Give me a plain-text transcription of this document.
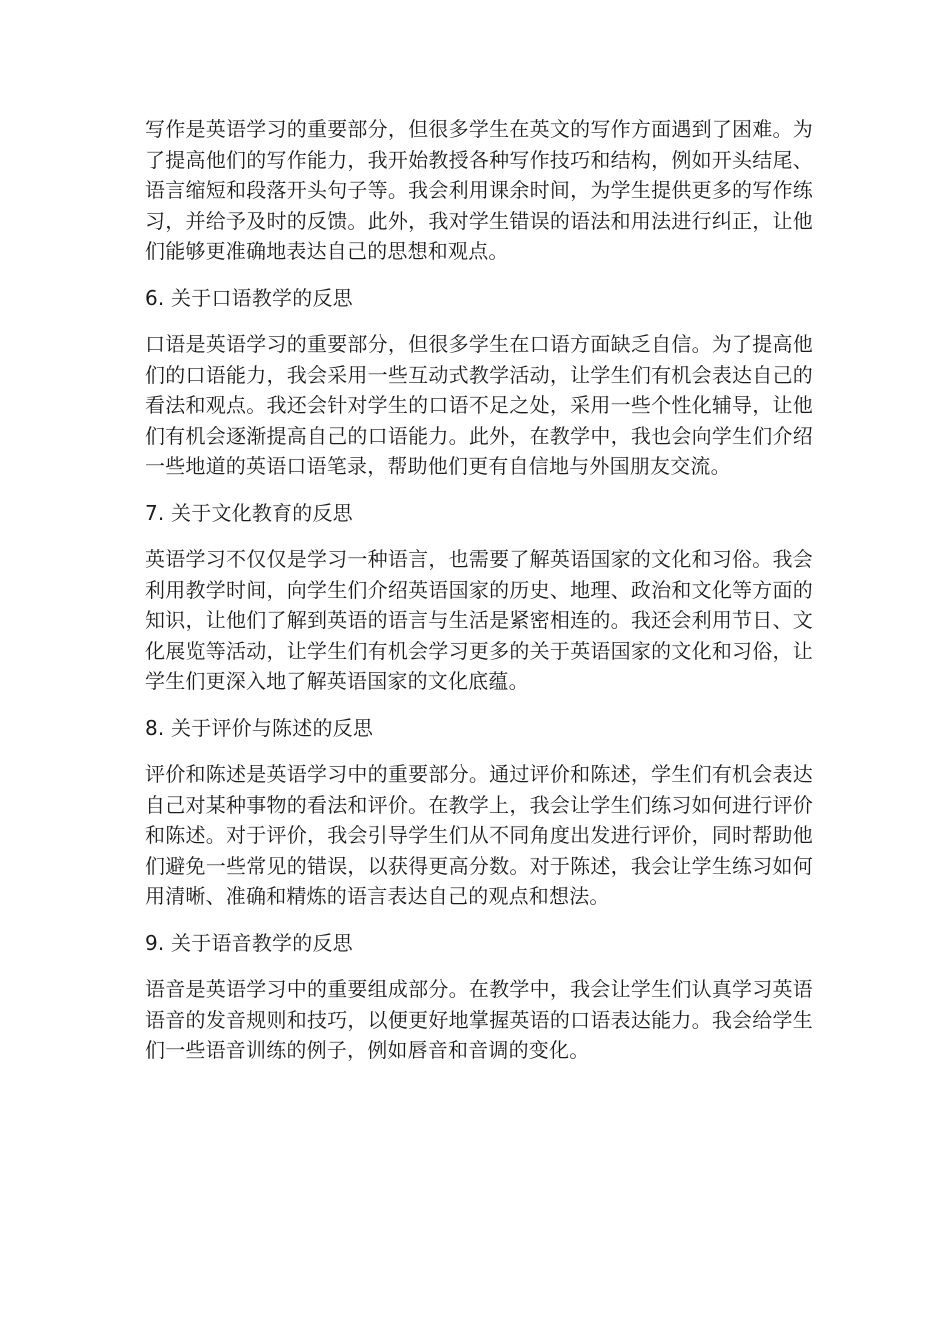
写作是英语学习的重要部分，但很多学生在英文的写作方面遇到了困难。为了提高他们的写作能力，我开始教授各种写作技巧和结构，例如开头结尾、语言缩短和段落开头句子等。我会利用课余时间，为学生提供更多的写作练习，并给予及时的反馈。此外，我对学生错误的语法和用法进行纠正，让他们能够更准确地表达自己的思想和观点。

6. 关于口语教学的反思

口语是英语学习的重要部分，但很多学生在口语方面缺乏自信。为了提高他们的口语能力，我会采用一些互动式教学活动，让学生们有机会表达自己的看法和观点。我还会针对学生的口语不足之处，采用一些个性化辅导，让他们有机会逐渐提高自己的口语能力。此外，在教学中，我也会向学生们介绍一些地道的英语口语笔录，帮助他们更有自信地与外国朋友交流。

7. 关于文化教育的反思

英语学习不仅仅是学习一种语言，也需要了解英语国家的文化和习俗。我会利用教学时间，向学生们介绍英语国家的历史、地理、政治和文化等方面的知识，让他们了解到英语的语言与生活是紧密相连的。我还会利用节日、文化展览等活动，让学生们有机会学习更多的关于英语国家的文化和习俗，让学生们更深入地了解英语国家的文化底蕴。

8. 关于评价与陈述的反思

评价和陈述是英语学习中的重要部分。通过评价和陈述，学生们有机会表达自己对某种事物的看法和评价。在教学上，我会让学生们练习如何进行评价和陈述。对于评价，我会引导学生们从不同角度出发进行评价，同时帮助他们避免一些常见的错误，以获得更高分数。对于陈述，我会让学生练习如何用清晰、准确和精炼的语言表达自己的观点和想法。

9. 关于语音教学的反思

语音是英语学习中的重要组成部分。在教学中，我会让学生们认真学习英语语音的发音规则和技巧，以便更好地掌握英语的口语表达能力。我会给学生们一些语音训练的例子，例如唇音和音调的变化。
